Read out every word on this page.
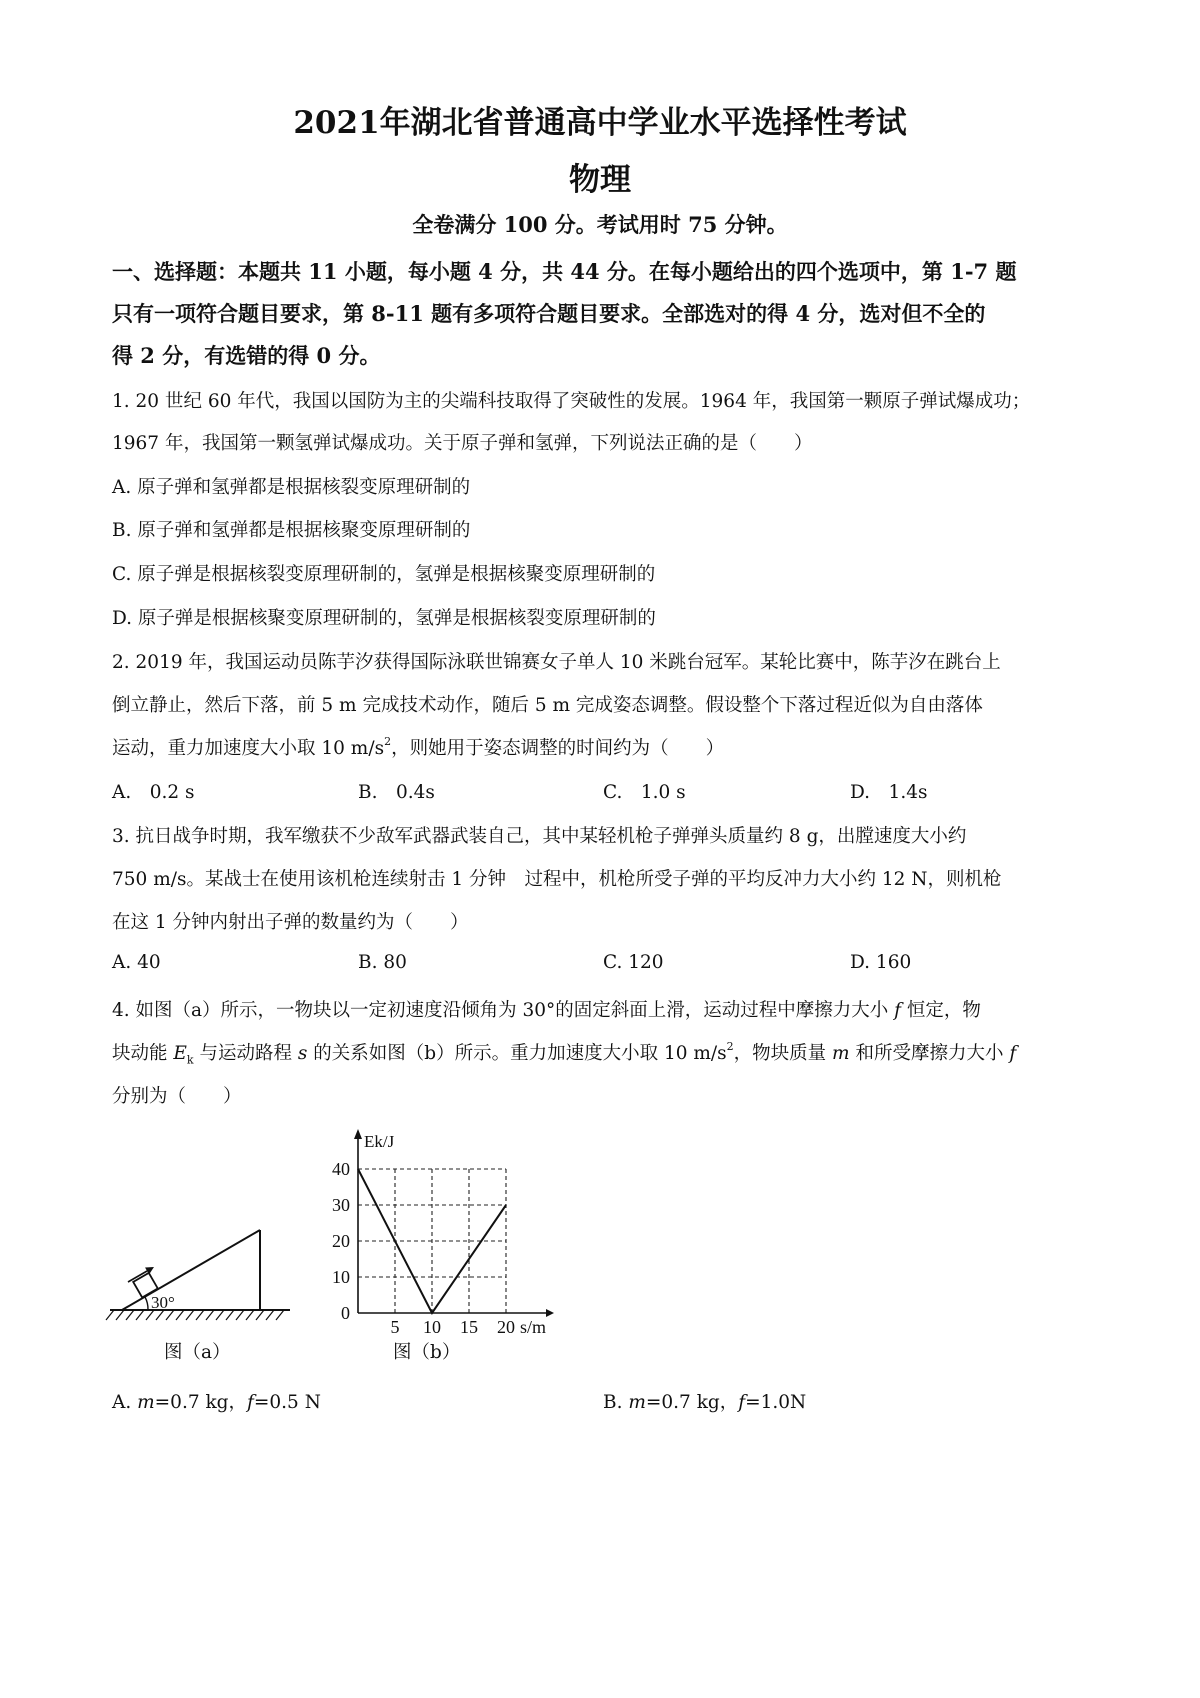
2021年湖北省普通高中学业水平选择性考试
物理
全卷满分 100 分。考试用时 75 分钟。
一、选择题：本题共 11 小题，每小题 4 分，共 44 分。在每小题给出的四个选项中，第 1-7 题
只有一项符合题目要求，第 8-11 题有多项符合题目要求。全部选对的得 4 分，选对但不全的
得 2 分，有选错的得 0 分。
1. 20 世纪 60 年代，我国以国防为主的尖端科技取得了突破性的发展。1964 年，我国第一颗原子弹试爆成功；
1967 年，我国第一颗氢弹试爆成功。关于原子弹和氢弹，下列说法正确的是（　　）
A. 原子弹和氢弹都是根据核裂变原理研制的
B. 原子弹和氢弹都是根据核聚变原理研制的
C. 原子弹是根据核裂变原理研制的，氢弹是根据核聚变原理研制的
D. 原子弹是根据核聚变原理研制的，氢弹是根据核裂变原理研制的
2. 2019 年，我国运动员陈芋汐获得国际泳联世锦赛女子单人 10 米跳台冠军。某轮比赛中，陈芋汐在跳台上
倒立静止，然后下落，前 5 m 完成技术动作，随后 5 m 完成姿态调整。假设整个下落过程近似为自由落体
运动，重力加速度大小取 10 $m/s^2$，则她用于姿态调整的时间约为（　　）
A.　0.2 s	B.　0.4s	C.　1.0 s	D.　1.4s
3. 抗日战争时期，我军缴获不少敌军武器武装自己，其中某轻机枪子弹弹头质量约 8 g，出膛速度大小约
750 m/s。某战士在使用该机枪连续射击 1 分钟　过程中，机枪所受子弹的平均反冲力大小约 12 N，则机枪
在这 1 分钟内射出子弹的数量约为（　　）
A. 40	B. 80	C. 120	D. 160
4. 如图（a）所示，一物块以一定初速度沿倾角为 30°的固定斜面上滑，运动过程中摩擦力大小 f 恒定，物
块动能 $E_k$ 与运动路程 s 的关系如图（b）所示。重力加速度大小取 10 $m/s^2$，物块质量 m 和所受摩擦力大小 f
分别为（　　）
30°
图（a）
5 10 15 20
0
10
20
30
40
s/m
Ek/J
图（b）
A. m=0.7 kg，f=0.5 N	B. m=0.7 kg，f=1.0N
